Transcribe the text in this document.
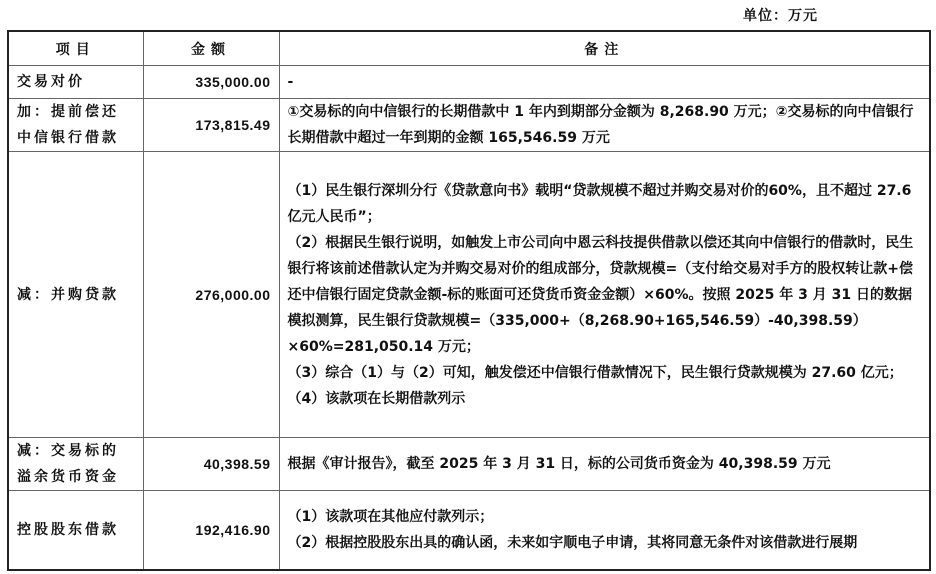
单位：万元
项目	金额	备注
交易对价	335,000.00	-

加：提前偿还中信银行借款	173,815.49	①交易标的向中信银行的长期借款中 1 年内到期部分金额为 8,268.90 万元；②交易标的向中信银行长期借款中超过一年到期的金额 165,546.59 万元

减：并购贷款	276,000.00	（1）民生银行深圳分行《贷款意向书》载明“贷款规模不超过并购交易对价的60%，且不超过 27.6 亿元人民币”；
（2）根据民生银行说明，如触发上市公司向中恩云科技提供借款以偿还其向中信银行的借款时，民生银行将该前述借款认定为并购交易对价的组成部分，贷款规模=（支付给交易对手方的股权转让款+偿还中信银行固定贷款金额-标的账面可还贷货币资金金额）×60%。按照 2025 年 3 月 31 日的数据模拟测算，民生银行贷款规模=（335,000+（8,268.90+165,546.59）-40,398.59）×60%=281,050.14 万元；
（3）综合（1）与（2）可知，触发偿还中信银行借款情况下，民生银行贷款规模为 27.60 亿元；
（4）该款项在长期借款列示

减：交易标的溢余货币资金	40,398.59	根据《审计报告》，截至 2025 年 3 月 31 日，标的公司货币资金为 40,398.59 万元

控股股东借款	192,416.90	（1）该款项在其他应付款列示；
（2）根据控股股东出具的确认函，未来如宇顺电子申请，其将同意无条件对该借款进行展期
